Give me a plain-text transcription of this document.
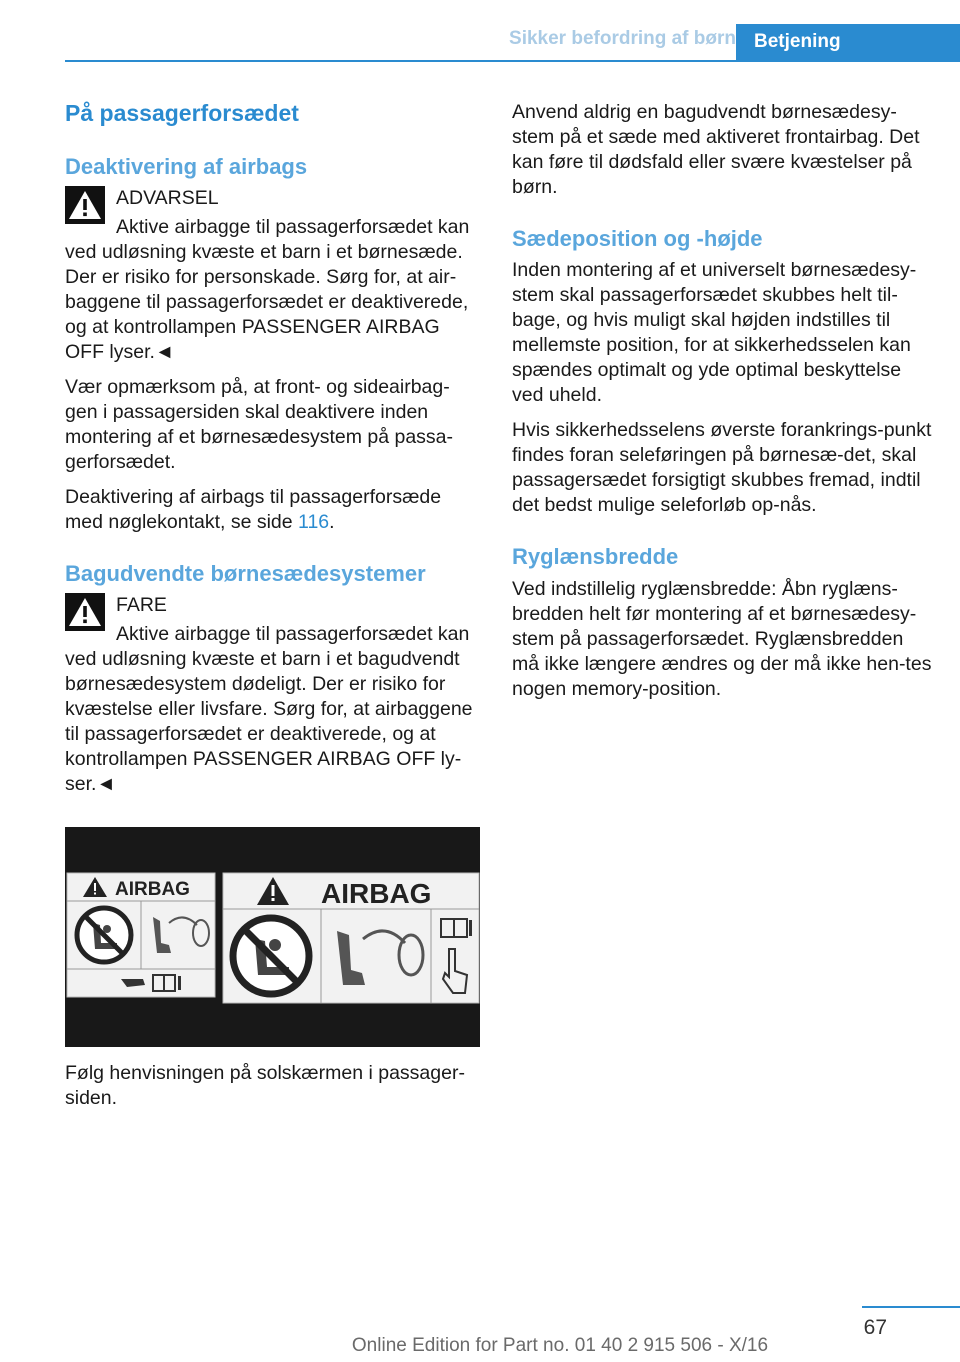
Sikker befordring af børn Betjening
På passagerforsædet
Deaktivering af airbags

ADVARSEL

Aktive airbagge til passagerforsædet kan ved udløsning kvæste et barn i et børnesæde. Der er risiko for personskade. Sørg for, at air-baggene til passagerforsædet er deaktiverede, og at kontrollampen PASSENGER AIRBAG OFF lyser.◄

Vær opmærksom på, at front- og sideairbag-gen i passagersiden skal deaktivere inden montering af et børnesædesystem på passa-gerforsædet.

Deaktivering af airbags til passagerforsæde med nøglekontakt, se side 116.

Bagudvendte børnesædesystemer

FARE

Aktive airbagge til passagerforsædet kan ved udløsning kvæste et barn i et bagudvendt børnesædesystem dødeligt. Der er risiko for kvæstelse eller livsfare. Sørg for, at airbaggene til passagerforsædet er deaktiverede, og at kontrollampen PASSENGER AIRBAG OFF ly-ser.◄

AIRBAG	AIRBAG

Følg henvisningen på solskærmen i passager-siden.

Anvend aldrig en bagudvendt børnesædesy-stem på et sæde med aktiveret frontairbag. Det kan føre til dødsfald eller svære kvæstelser på børn.

Sædeposition og -højde

Inden montering af et universelt børnesædesy-stem skal passagerforsædet skubbes helt til-bage, og hvis muligt skal højden indstilles til mellemste position, for at sikkerhedsselen kan spændes optimalt og yde optimal beskyttelse ved uheld.

Hvis sikkerhedsselens øverste forankrings-punkt findes foran seleføringen på børnesæ-det, skal passagersædet forsigtigt skubbes fremad, indtil det bedst mulige seleforløb op-nås.

Ryglænsbredde

Ved indstillelig ryglænsbredde: Åbn ryglæns-bredden helt før montering af et børnesædesy-stem på passagerforsædet. Ryglænsbredden må ikke længere ændres og der må ikke hen-tes nogen memory-position.

67
Online Edition for Part no. 01 40 2 915 506 - X/16
